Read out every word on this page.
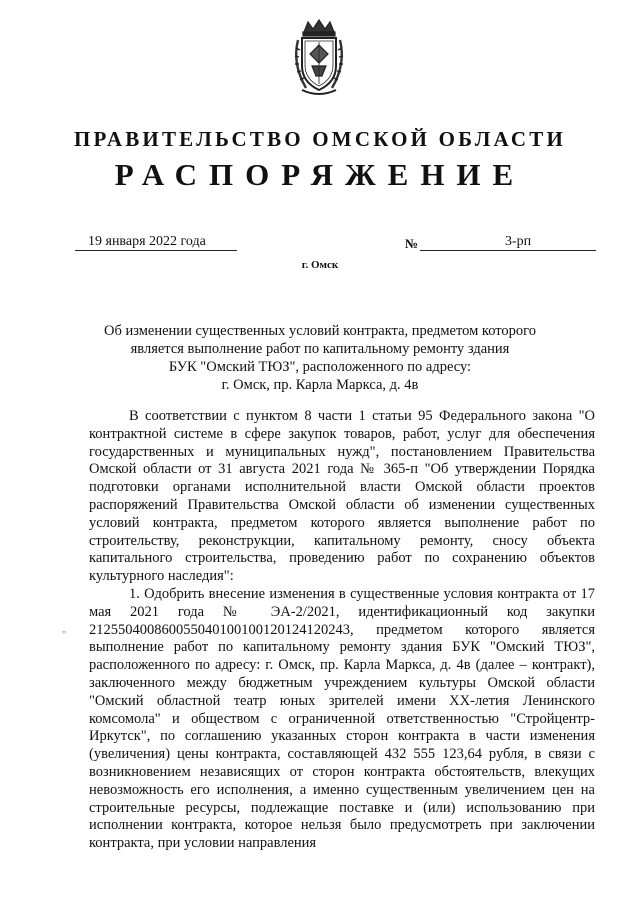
ПРАВИТЕЛЬСТВО ОМСКОЙ ОБЛАСТИ
РАСПОРЯЖЕНИЕ
19 января 2022 года	№	3-рп
г. Омск
Об изменении существенных условий контракта, предметом которого
является выполнение работ по капитальному ремонту здания
БУК "Омский ТЮЗ", расположенного по адресу:
г. Омск, пр. Карла Маркса, д. 4в

В соответствии с пунктом 8 части 1 статьи 95 Федерального закона "О контрактной системе в сфере закупок товаров, работ, услуг для обеспечения государственных и муниципальных нужд", постановлением Правительства Омской области от 31 августа 2021 года № 365-п "Об утверждении Порядка подготовки органами исполнительной власти Омской области проектов распоряжений Правительства Омской области об изменении существенных условий контракта, предметом которого является выполнение работ по строительству, реконструкции, капитальному ремонту, сносу объекта капитального строительства, проведению работ по сохранению объектов культурного наследия":

1. Одобрить внесение изменения в существенные условия контракта от 17 мая 2021 года № ЭА-2/2021, идентификационный код закупки 212550400860055040100100120124120243, предметом которого является выполнение работ по капитальному ремонту здания БУК "Омский ТЮЗ", расположенного по адресу: г. Омск, пр. Карла Маркса, д. 4в (далее – контракт), заключенного между бюджетным учреждением культуры Омской области "Омский областной театр юных зрителей имени XX-летия Ленинского комсомола" и обществом с ограниченной ответственностью "Стройцентр-Иркутск", по соглашению указанных сторон контракта в части изменения (увеличения) цены контракта, составляющей 432 555 123,64 рубля, в связи с возникновением независящих от сторон контракта обстоятельств, влекущих невозможность его исполнения, а именно существенным увеличением цен на строительные ресурсы, подлежащие поставке и (или) использованию при исполнении контракта, которое нельзя было предусмотреть при заключении контракта, при условии направления

"
